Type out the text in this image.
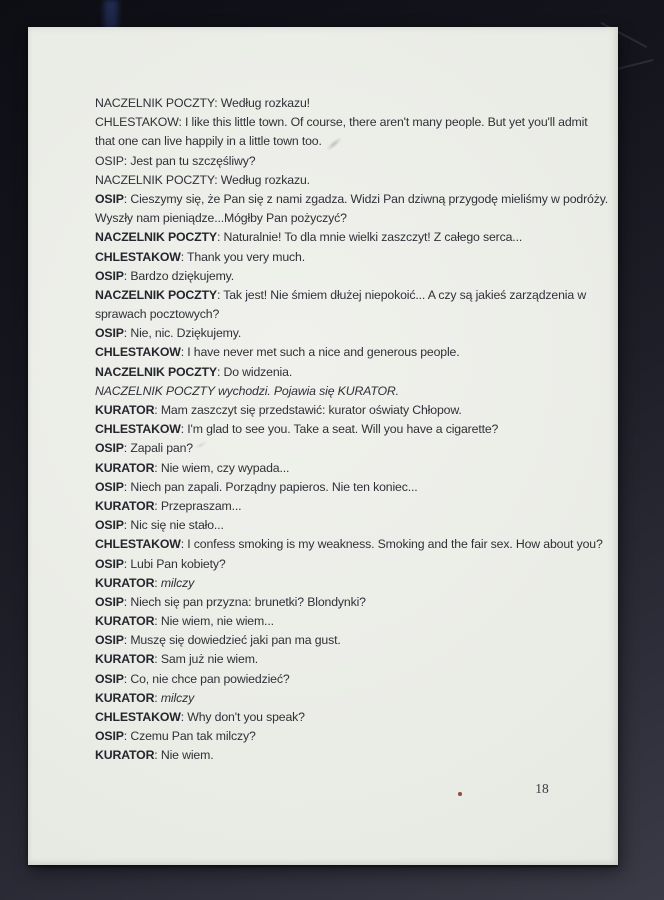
NACZELNIK POCZTY: Według rozkazu!
CHLESTAKOW: I like this little town. Of course, there aren't many people. But yet you'll admit
that one can live happily in a little town too.
OSIP: Jest pan tu szczęśliwy?
NACZELNIK POCZTY: Według rozkazu.
OSIP: Cieszymy się, że Pan się z nami zgadza. Widzi Pan dziwną przygodę mieliśmy w podróży.
Wyszły nam pieniądze...Mógłby Pan pożyczyć?
NACZELNIK POCZTY: Naturalnie! To dla mnie wielki zaszczyt! Z całego serca...
CHLESTAKOW: Thank you very much.
OSIP: Bardzo dziękujemy.
NACZELNIK POCZTY: Tak jest! Nie śmiem dłużej niepokoić... A czy są jakieś zarządzenia w
sprawach pocztowych?
OSIP: Nie, nic. Dziękujemy.
CHLESTAKOW: I have never met such a nice and generous people.
NACZELNIK POCZTY: Do widzenia.
NACZELNIK POCZTY wychodzi. Pojawia się KURATOR.
KURATOR: Mam zaszczyt się przedstawić: kurator oświaty Chłopow.
CHLESTAKOW: I'm glad to see you. Take a seat. Will you have a cigarette?
OSIP: Zapali pan?
KURATOR: Nie wiem, czy wypada...
OSIP: Niech pan zapali. Porządny papieros. Nie ten koniec...
KURATOR: Przepraszam...
OSIP: Nic się nie stało...
CHLESTAKOW: I confess smoking is my weakness. Smoking and the fair sex. How about you?
OSIP: Lubi Pan kobiety?
KURATOR: milczy
OSIP: Niech się pan przyzna: brunetki? Blondynki?
KURATOR: Nie wiem, nie wiem...
OSIP: Muszę się dowiedzieć jaki pan ma gust.
KURATOR: Sam już nie wiem.
OSIP: Co, nie chce pan powiedzieć?
KURATOR: milczy
CHLESTAKOW: Why don't you speak?
OSIP: Czemu Pan tak milczy?
KURATOR: Nie wiem.
18
